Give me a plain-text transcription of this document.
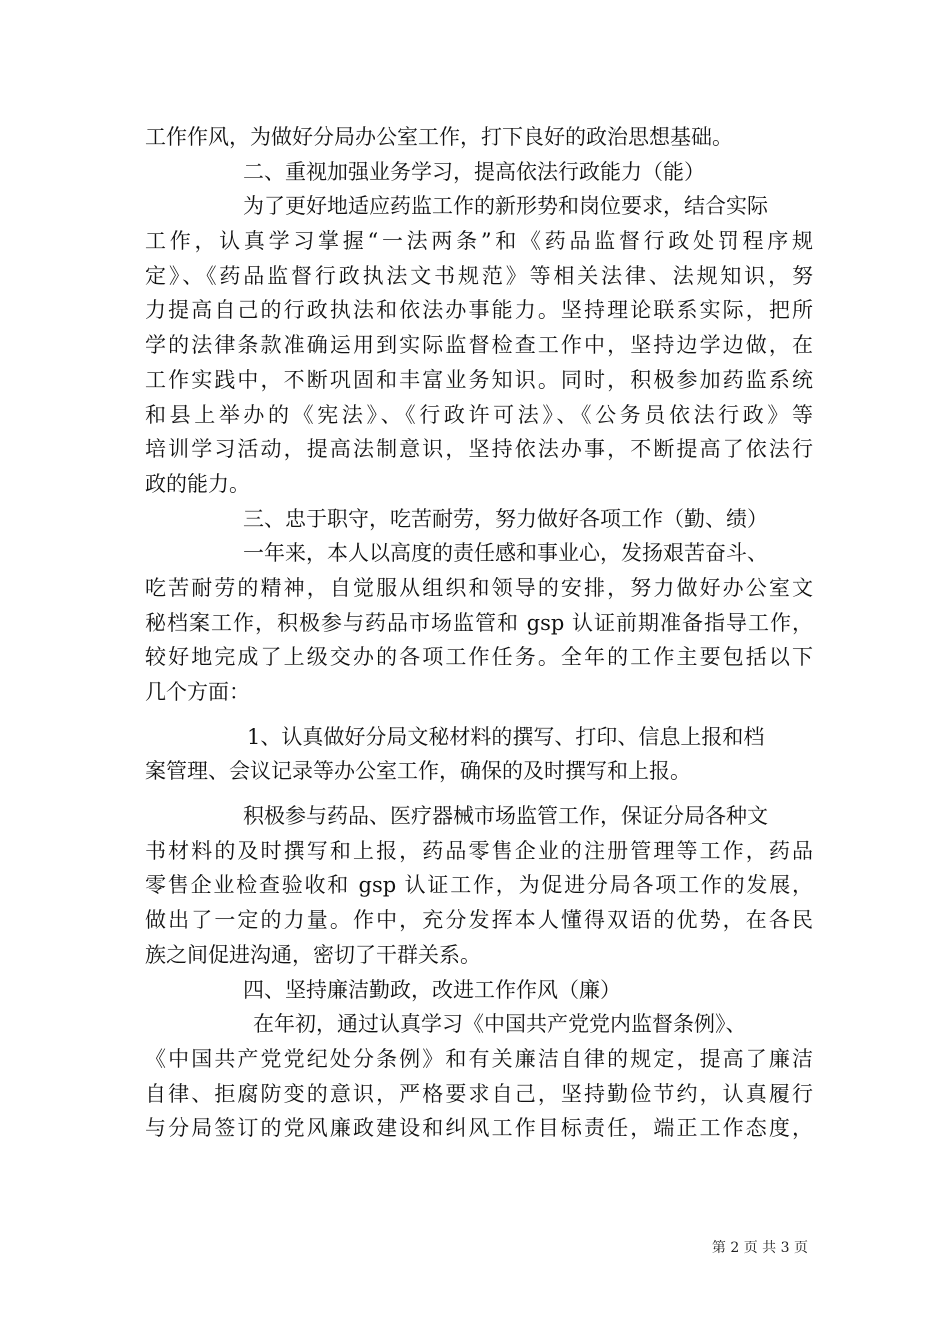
工作作风，为做好分局办公室工作，打下良好的政治思想基础。
二、重视加强业务学习，提高依法行政能力（能）
为了更好地适应药监工作的新形势和岗位要求，结合实际
工作，认真学习掌握“一法两条”和《药品监督行政处罚程序规
定》、《药品监督行政执法文书规范》等相关法律、法规知识，努
力提高自己的行政执法和依法办事能力。坚持理论联系实际，把所
学的法律条款准确运用到实际监督检查工作中，坚持边学边做，在
工作实践中，不断巩固和丰富业务知识。同时，积极参加药监系统
和县上举办的《宪法》、《行政许可法》、《公务员依法行政》等
培训学习活动，提高法制意识，坚持依法办事，不断提高了依法行
政的能力。
三、忠于职守，吃苦耐劳，努力做好各项工作（勤、绩）
一年来，本人以高度的责任感和事业心，发扬艰苦奋斗、
吃苦耐劳的精神，自觉服从组织和领导的安排，努力做好办公室文
秘档案工作，积极参与药品市场监管和 gsp 认证前期准备指导工作，
较好地完成了上级交办的各项工作任务。全年的工作主要包括以下
几个方面：
1、认真做好分局文秘材料的撰写、打印、信息上报和档
案管理、会议记录等办公室工作，确保的及时撰写和上报。
积极参与药品、医疗器械市场监管工作，保证分局各种文
书材料的及时撰写和上报，药品零售企业的注册管理等工作，药品
零售企业检查验收和 gsp 认证工作，为促进分局各项工作的发展，
做出了一定的力量。作中，充分发挥本人懂得双语的优势，在各民
族之间促进沟通，密切了干群关系。
四、坚持廉洁勤政，改进工作作风（廉）
在年初，通过认真学习《中国共产党党内监督条例》、
《中国共产党党纪处分条例》和有关廉洁自律的规定，提高了廉洁
自律、拒腐防变的意识，严格要求自己，坚持勤俭节约，认真履行
与分局签订的党风廉政建设和纠风工作目标责任，端正工作态度，
第 2 页 共 3 页
